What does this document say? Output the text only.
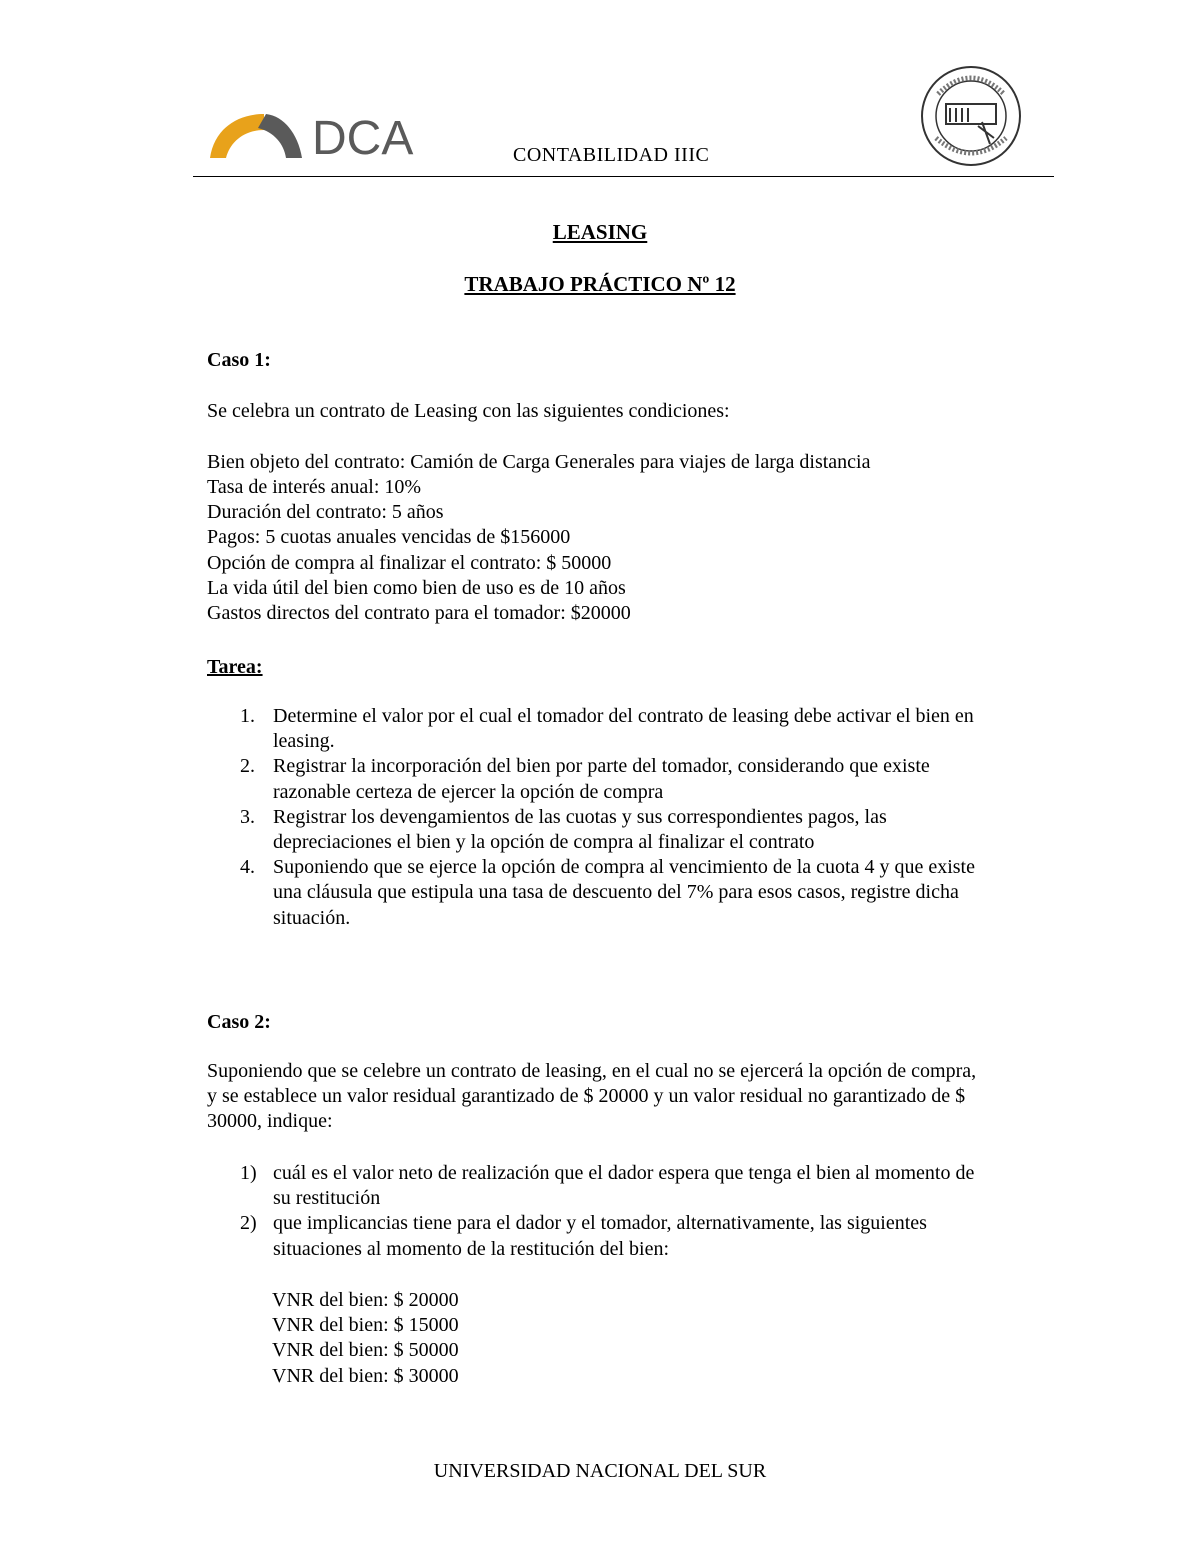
DCA	CONTABILIDAD IIIC
LEASING
TRABAJO PRÁCTICO Nº 12
Caso 1:
Se celebra un contrato de Leasing con las siguientes condiciones:
Bien objeto del contrato: Camión de Carga Generales para viajes de larga distancia
Tasa de interés anual: 10%
Duración del contrato: 5 años
Pagos: 5 cuotas anuales vencidas de $156000
Opción de compra al finalizar el contrato: $ 50000
La vida útil del bien como bien de uso es de 10 años
Gastos directos del contrato para el tomador: $20000
Tarea:
1. Determine el valor por el cual el tomador del contrato de leasing debe activar el bien en leasing.
2. Registrar la incorporación del bien por parte del tomador, considerando que existe razonable certeza de ejercer la opción de compra
3. Registrar los devengamientos de las cuotas y sus correspondientes pagos, las depreciaciones el bien y la opción de compra al finalizar el contrato
4. Suponiendo que se ejerce la opción de compra al vencimiento de la cuota 4 y que existe una cláusula que estipula una tasa de descuento del 7% para esos casos, registre dicha situación.
Caso 2:
Suponiendo que se celebre un contrato de leasing, en el cual no se ejercerá la opción de compra, y se establece un valor residual garantizado de $ 20000 y un valor residual no garantizado de $ 30000, indique:
1) cuál es el valor neto de realización que el dador espera que tenga el bien al momento de su restitución
2) que implicancias tiene para el dador y el tomador, alternativamente, las siguientes situaciones al momento de la restitución del bien:
VNR del bien: $ 20000
VNR del bien: $ 15000
VNR del bien: $ 50000
VNR del bien: $ 30000
UNIVERSIDAD NACIONAL DEL SUR
